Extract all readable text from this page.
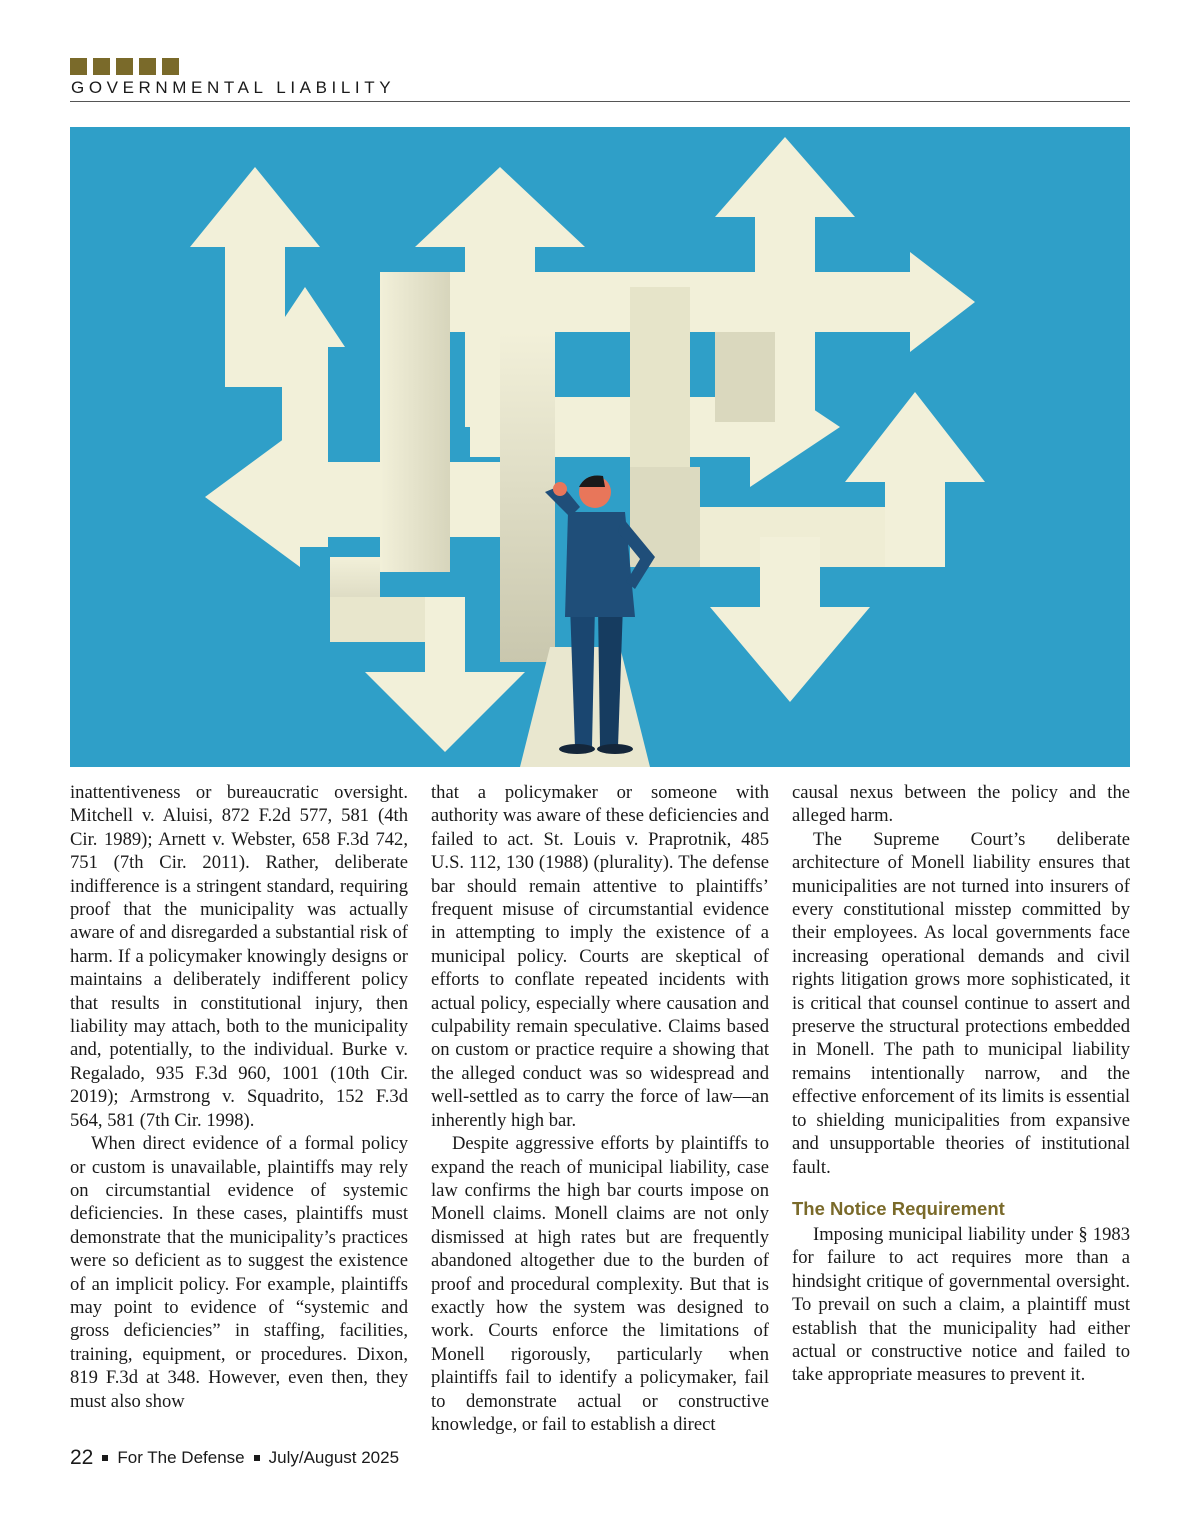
GOVERNMENTAL LIABILITY

inattentiveness or bureaucratic oversight. Mitchell v. Aluisi, 872 F.2d 577, 581 (4th Cir. 1989); Arnett v. Webster, 658 F.3d 742, 751 (7th Cir. 2011). Rather, deliberate indifference is a stringent standard, requiring proof that the municipality was actually aware of and disregarded a substantial risk of harm. If a policymaker knowingly designs or maintains a deliberately indifferent policy that results in constitutional injury, then liability may attach, both to the municipality and, potentially, to the individual. Burke v. Regalado, 935 F.3d 960, 1001 (10th Cir. 2019); Armstrong v. Squadrito, 152 F.3d 564, 581 (7th Cir. 1998).

When direct evidence of a formal policy or custom is unavailable, plaintiffs may rely on circumstantial evidence of systemic deficiencies. In these cases, plaintiffs must demonstrate that the municipality’s practices were so deficient as to suggest the existence of an implicit policy. For example, plaintiffs may point to evidence of “systemic and gross deficiencies” in staffing, facilities, training, equipment, or procedures. Dixon, 819 F.3d at 348. However, even then, they must also show

that a policymaker or someone with authority was aware of these deficiencies and failed to act. St. Louis v. Praprotnik, 485 U.S. 112, 130 (1988) (plurality). The defense bar should remain attentive to plaintiffs’ frequent misuse of circumstantial evidence in attempting to imply the existence of a municipal policy. Courts are skeptical of efforts to conflate repeated incidents with actual policy, especially where causation and culpability remain speculative. Claims based on custom or practice require a showing that the alleged conduct was so widespread and well-settled as to carry the force of law—an inherently high bar.

Despite aggressive efforts by plaintiffs to expand the reach of municipal liability, case law confirms the high bar courts impose on Monell claims. Monell claims are not only dismissed at high rates but are frequently abandoned altogether due to the burden of proof and procedural complexity. But that is exactly how the system was designed to work. Courts enforce the limitations of Monell rigorously, particularly when plaintiffs fail to identify a policymaker, fail to demonstrate actual or constructive knowledge, or fail to establish a direct

causal nexus between the policy and the alleged harm.

The Supreme Court’s deliberate architecture of Monell liability ensures that municipalities are not turned into insurers of every constitutional misstep committed by their employees. As local governments face increasing operational demands and civil rights litigation grows more sophisticated, it is critical that counsel continue to assert and preserve the structural protections embedded in Monell. The path to municipal liability remains intentionally narrow, and the effective enforcement of its limits is essential to shielding municipalities from expansive and unsupportable theories of institutional fault.

The Notice Requirement

Imposing municipal liability under § 1983 for failure to act requires more than a hindsight critique of governmental oversight. To prevail on such a claim, a plaintiff must establish that the municipality had either actual or constructive notice and failed to take appropriate measures to prevent it.

22 For The Defense July/August 2025
